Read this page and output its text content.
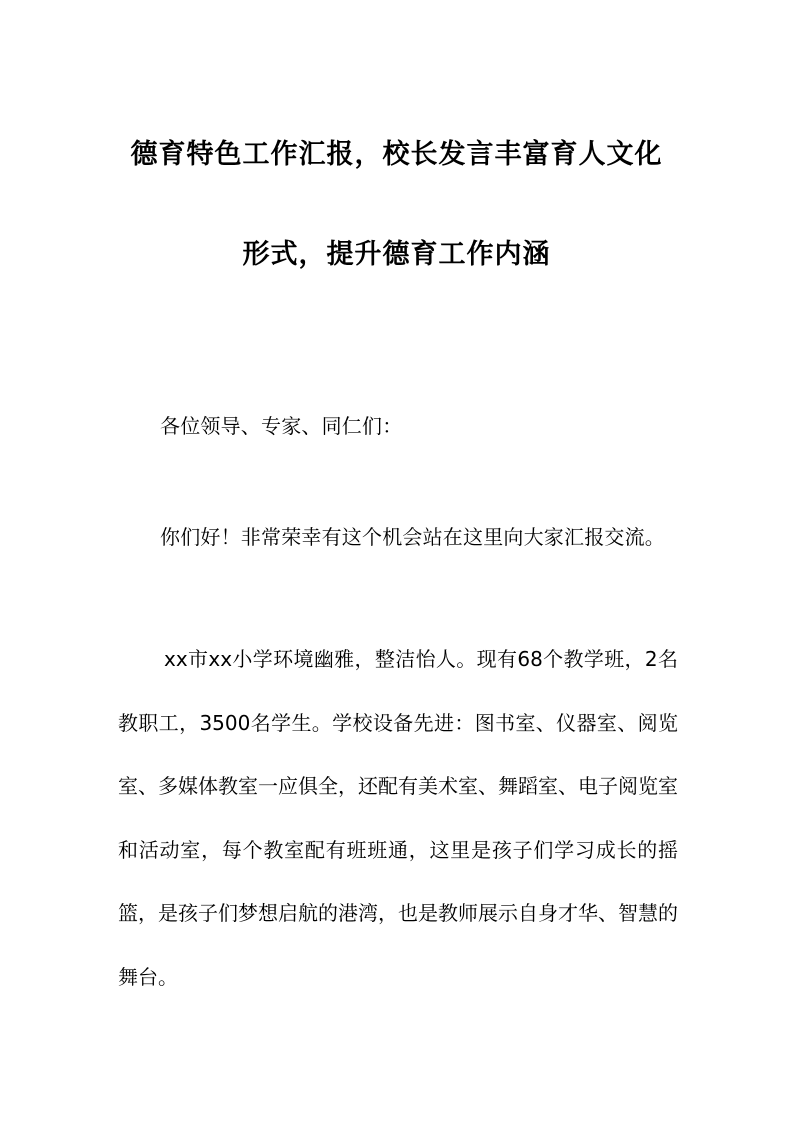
德育特色工作汇报，校长发言丰富育人文化
形式，提升德育工作内涵
各位领导、专家、同仁们：
你们好！非常荣幸有这个机会站在这里向大家汇报交流。
xx市xx小学环境幽雅，整洁怡人。现有68个教学班，2名教职工，3500名学生。学校设备先进：图书室、仪器室、阅览室、多媒体教室一应俱全，还配有美术室、舞蹈室、电子阅览室和活动室，每个教室配有班班通，这里是孩子们学习成长的摇篮，是孩子们梦想启航的港湾，也是教师展示自身才华、智慧的舞台。
